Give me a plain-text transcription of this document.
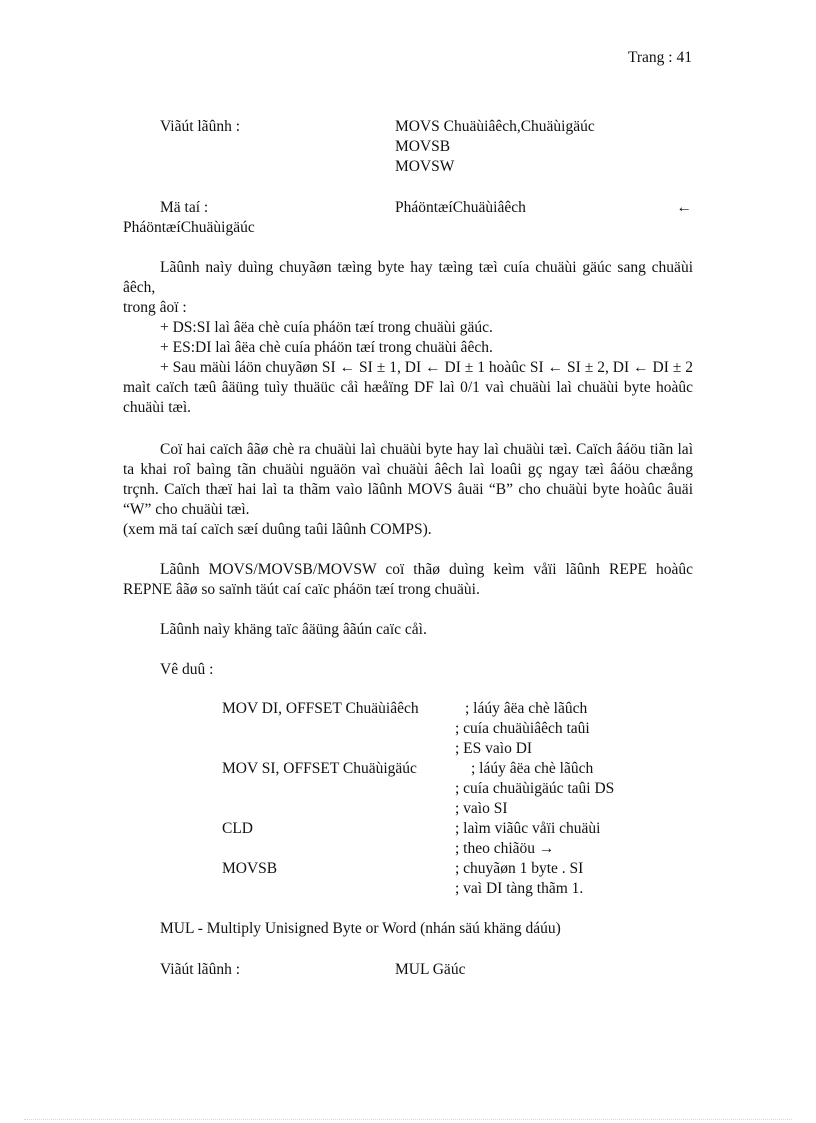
Trang : 41
Viãút lãûnh :	MOVS Chuäùiâêch,Chuäùigäúc
MOVSB
MOVSW
Mä taí :	PháöntæíChuäùiâêch	←
PháöntæíChuäùigäúc
Lãûnh naìy duìng chuyãøn tæìng byte hay tæìng tæì cuía chuäùi gäúc sang chuäùi âêch,
trong âoï :
+ DS:SI laì âëa chè cuía pháön tæí trong chuäùi gäúc.
+ ES:DI laì âëa chè cuía pháön tæí trong chuäùi âêch.
+ Sau mäùi láön chuyãøn SI ← SI ± 1, DI ← DI ± 1 hoàûc SI ← SI ± 2, DI ← DI ± 2 maìt caïch tæû âäüng tuìy thuäüc cåì hæåïng DF laì 0/1 vaì chuäùi laì chuäùi byte hoàûc chuäùi tæì.
Coï hai caïch âãø chè ra chuäùi laì chuäùi byte hay laì chuäùi tæì. Caïch âáöu tiãn laì ta khai roî baìng tãn chuäùi nguäön vaì chuäùi âêch laì loaûi gç ngay tæì âáöu chæång trçnh. Caïch thæï hai laì ta thãm vaìo lãûnh MOVS âuäi “B” cho chuäùi byte hoàûc âuäi “W” cho chuäùi tæì.
(xem mä taí caïch sæí duûng taûi lãûnh COMPS).
Lãûnh MOVS/MOVSB/MOVSW coï thãø duìng keìm våïi lãûnh REPE hoàûc REPNE âãø so saïnh täút caí caïc pháön tæí trong chuäùi.
Lãûnh naìy khäng taïc âäüng âãún caïc cåì.
Vê duû :
MOV DI, OFFSET Chuäùiâêch	; láúy âëa chè lãûch
; cuía chuäùiâêch taûi
; ES vaìo DI
MOV SI, OFFSET Chuäùigäúc	; láúy âëa chè lãûch
; cuía chuäùigäúc taûi DS
; vaìo SI
CLD	; laìm viãûc våïi chuäùi
; theo chiãöu →
MOVSB	; chuyãøn 1 byte . SI
; vaì DI tàng thãm 1.
MUL - Multiply Unisigned Byte or Word (nhán säú khäng dáúu)
Viãút lãûnh :	MUL Gäúc
